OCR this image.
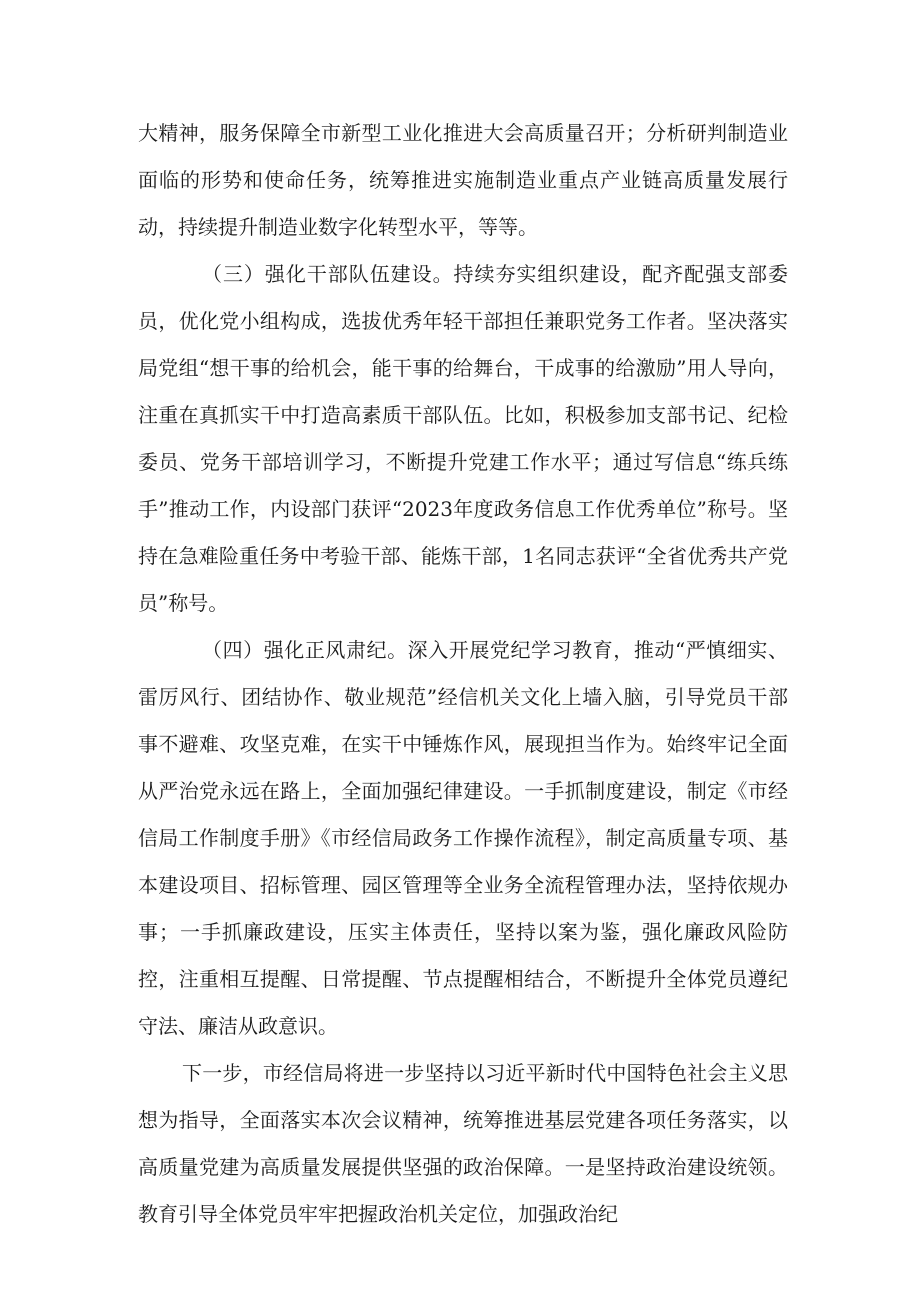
大精神，服务保障全市新型工业化推进大会高质量召开；分析研判制造业面临的形势和使命任务，统筹推进实施制造业重点产业链高质量发展行动，持续提升制造业数字化转型水平，等等。

（三）强化干部队伍建设。持续夯实组织建设，配齐配强支部委员，优化党小组构成，选拔优秀年轻干部担任兼职党务工作者。坚决落实局党组“想干事的给机会，能干事的给舞台，干成事的给激励”用人导向，注重在真抓实干中打造高素质干部队伍。比如，积极参加支部书记、纪检委员、党务干部培训学习，不断提升党建工作水平；通过写信息“练兵练手”推动工作，内设部门获评“2023年度政务信息工作优秀单位”称号。坚持在急难险重任务中考验干部、能炼干部，1名同志获评“全省优秀共产党员”称号。

（四）强化正风肃纪。深入开展党纪学习教育，推动“严慎细实、雷厉风行、团结协作、敬业规范”经信机关文化上墙入脑，引导党员干部事不避难、攻坚克难，在实干中锤炼作风，展现担当作为。始终牢记全面从严治党永远在路上，全面加强纪律建设。一手抓制度建设，制定《市经信局工作制度手册》《市经信局政务工作操作流程》，制定高质量专项、基本建设项目、招标管理、园区管理等全业务全流程管理办法，坚持依规办事；一手抓廉政建设，压实主体责任，坚持以案为鉴，强化廉政风险防控，注重相互提醒、日常提醒、节点提醒相结合，不断提升全体党员遵纪守法、廉洁从政意识。

下一步，市经信局将进一步坚持以习近平新时代中国特色社会主义思想为指导，全面落实本次会议精神，统筹推进基层党建各项任务落实，以高质量党建为高质量发展提供坚强的政治保障。一是坚持政治建设统领。教育引导全体党员牢牢把握政治机关定位，加强政治纪
